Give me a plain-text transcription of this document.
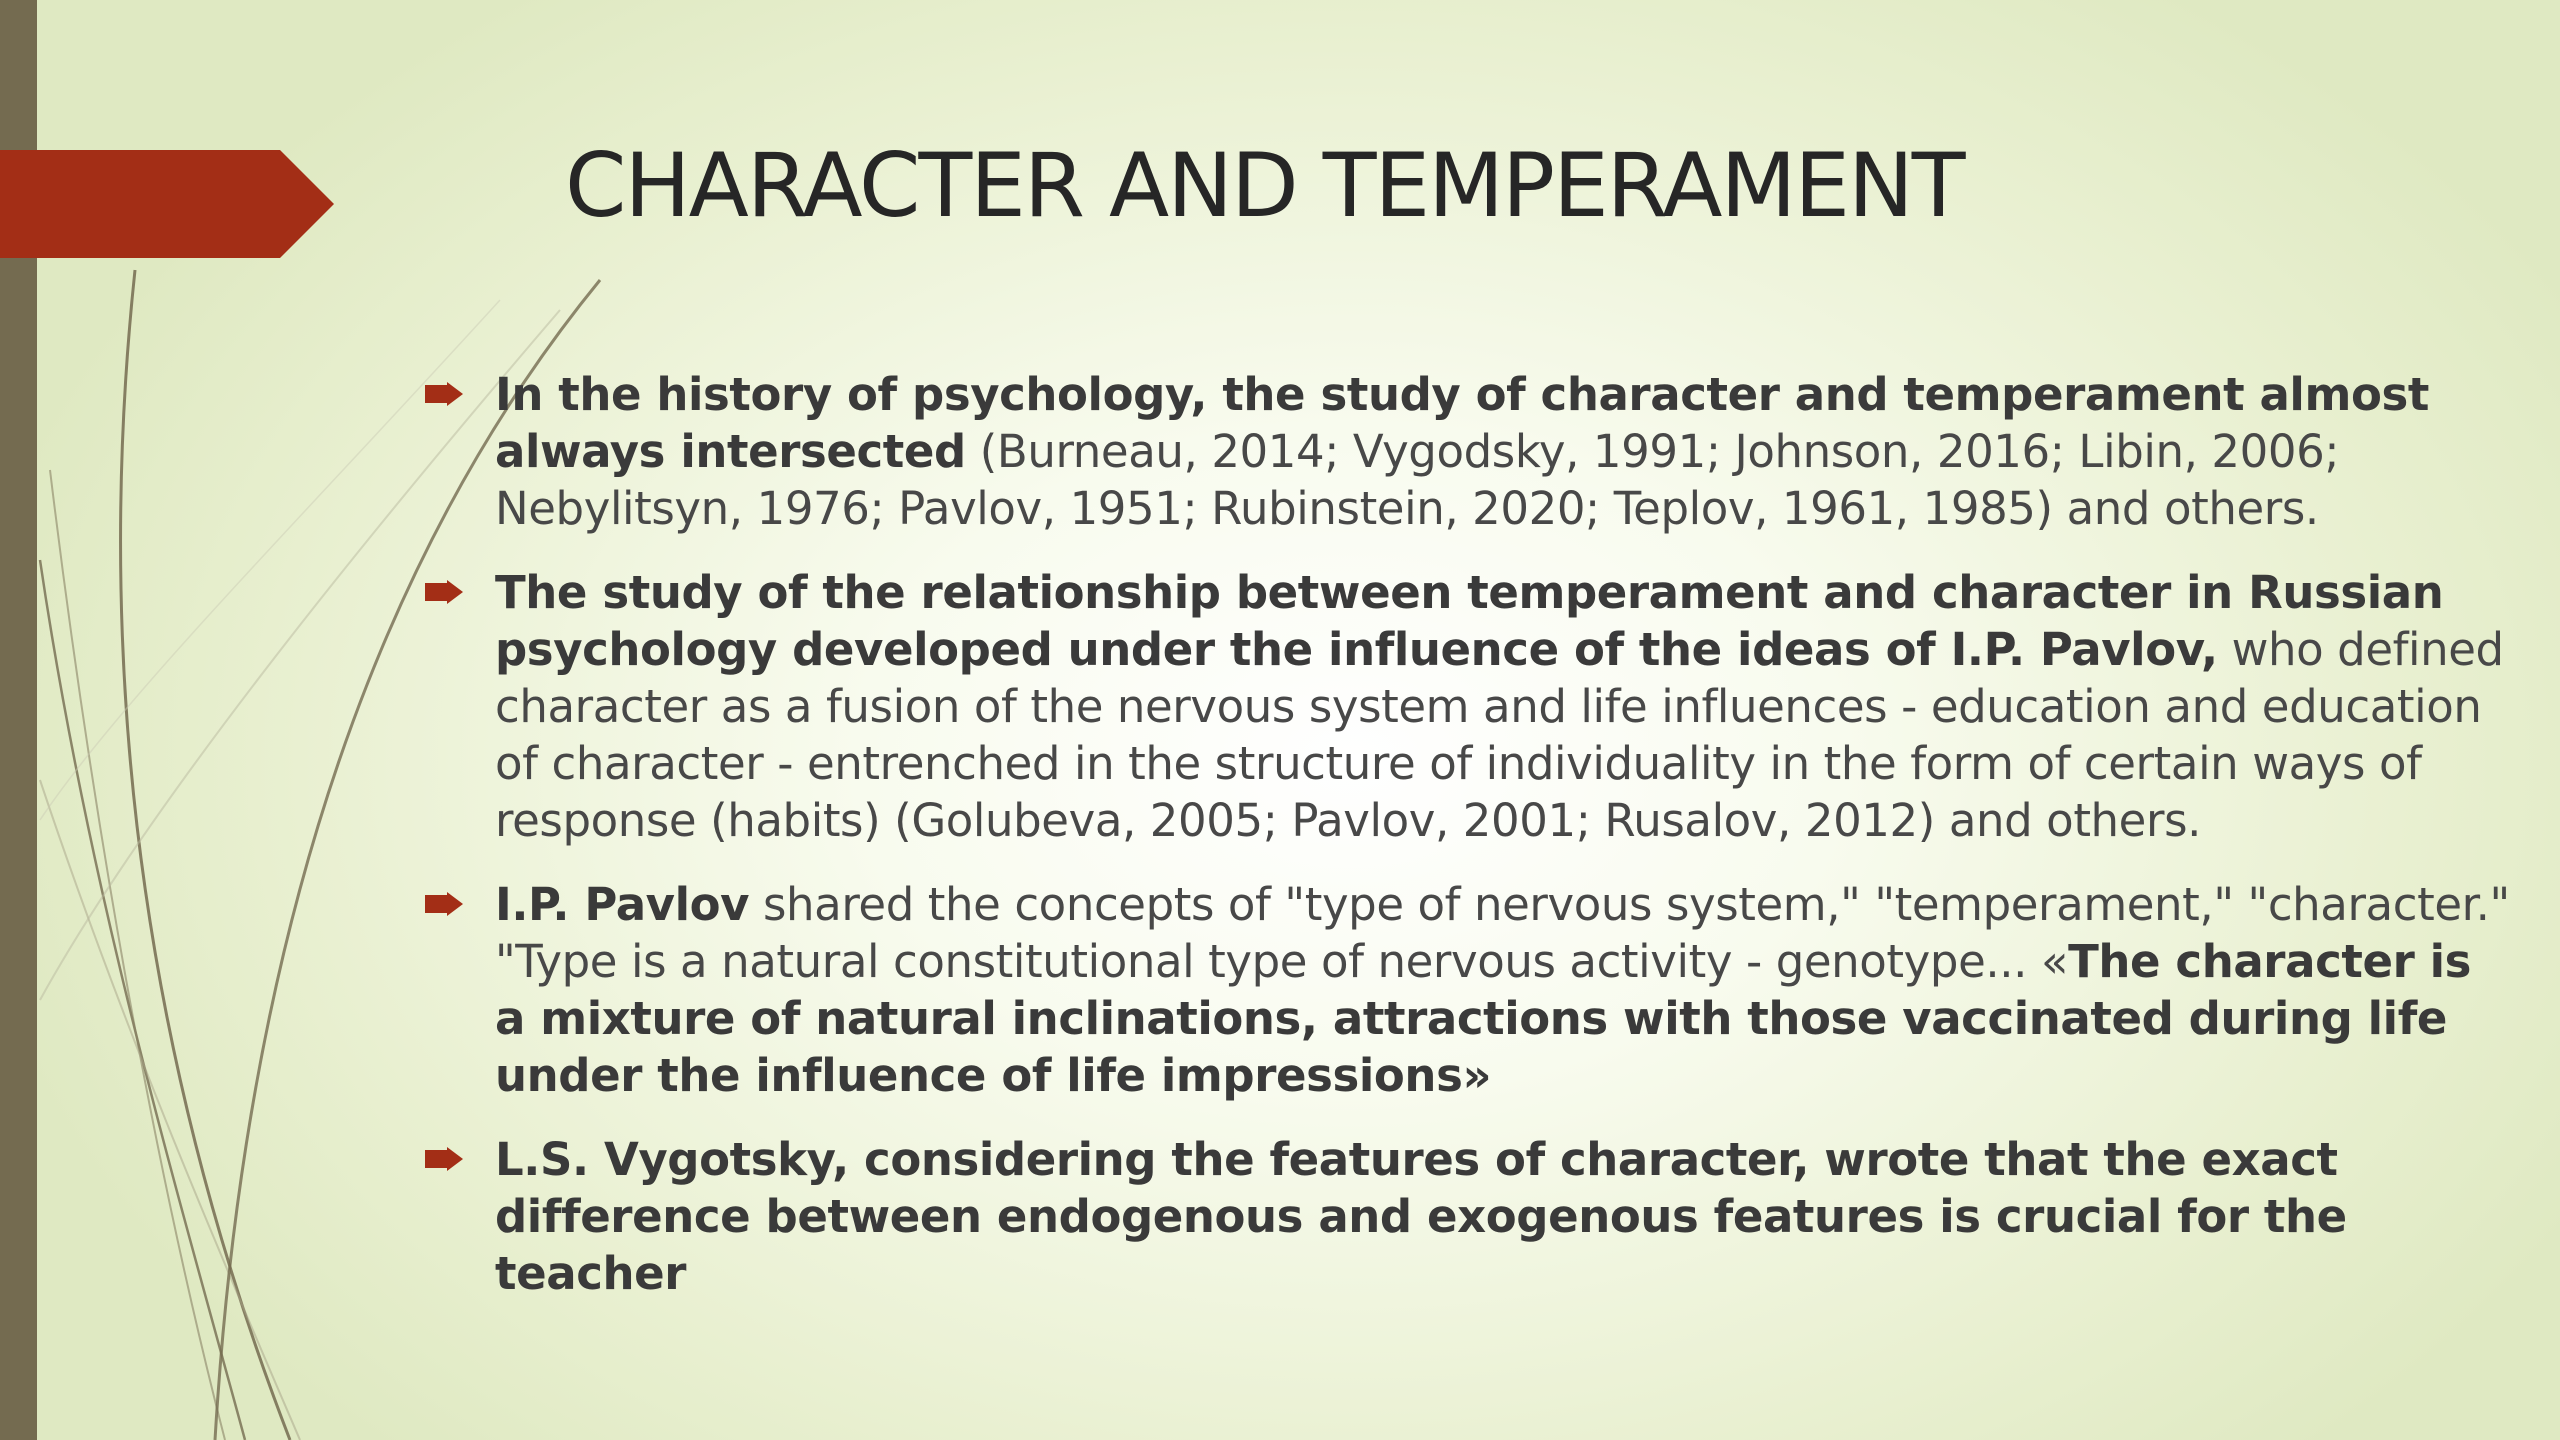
CHARACTER AND TEMPERAMENT
In the history of psychology, the study of character and temperament almost always intersected (Burneau, 2014; Vygodsky, 1991; Johnson, 2016; Libin, 2006; Nebylitsyn, 1976; Pavlov, 1951; Rubinstein, 2020; Teplov, 1961, 1985) and others.
The study of the relationship between temperament and character in Russian psychology developed under the influence of the ideas of I.P. Pavlov, who defined character as a fusion of the nervous system and life influences - education and education of character - entrenched in the structure of individuality in the form of certain ways of response (habits) (Golubeva, 2005; Pavlov, 2001; Rusalov, 2012) and others.
I.P. Pavlov shared the concepts of "type of nervous system," "temperament," "character." "Type is a natural constitutional type of nervous activity - genotype... «The character is a mixture of natural inclinations, attractions with those vaccinated during life under the influence of life impressions»
L.S. Vygotsky, considering the features of character, wrote that the exact difference between endogenous and exogenous features is crucial for the teacher
